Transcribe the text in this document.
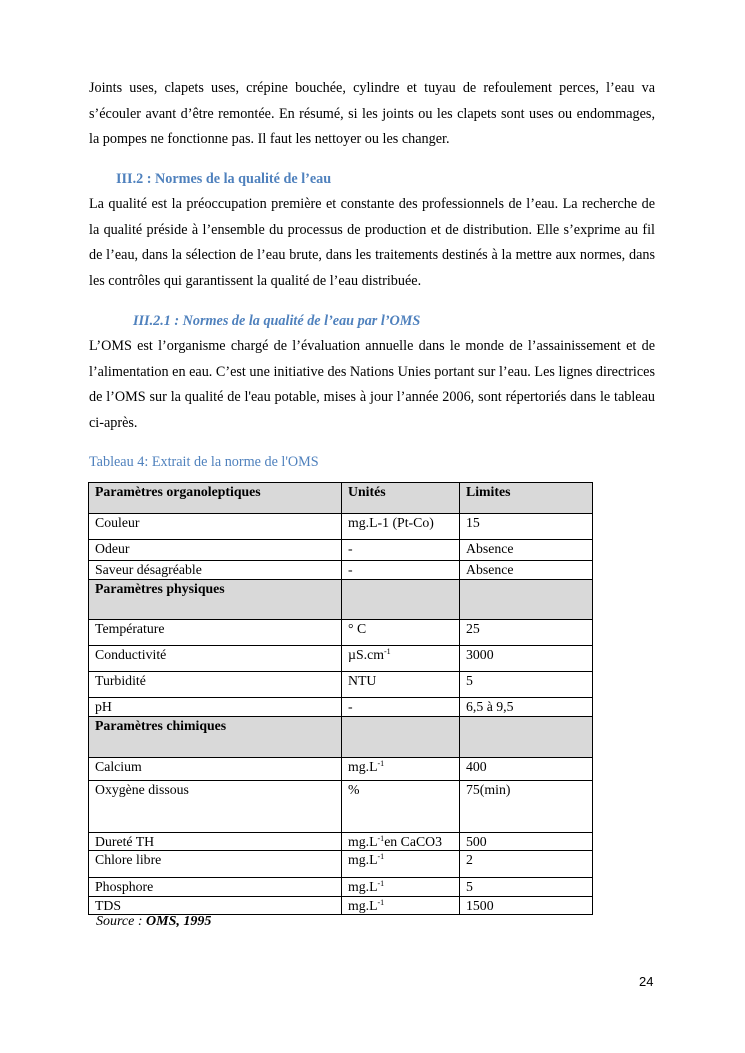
Joints uses, clapets uses, crépine bouchée, cylindre et tuyau de refoulement perces, l’eau va s’écouler avant d’être remontée. En résumé, si les joints ou les clapets sont uses ou endommages, la pompes ne fonctionne pas. Il faut les nettoyer ou les changer.

III.2 : Normes de la qualité de l’eau

La qualité est la préoccupation première et constante des professionnels de l’eau. La recherche de la qualité préside à l’ensemble du processus de production et de distribution. Elle s’exprime au fil de l’eau, dans la sélection de l’eau brute, dans les traitements destinés à la mettre aux normes, dans les contrôles qui garantissent la qualité de l’eau distribuée.

III.2.1 : Normes de la qualité de l’eau par l’OMS

L’OMS est l’organisme chargé de l’évaluation annuelle dans le monde de l’assainissement et de l’alimentation en eau. C’est une initiative des Nations Unies portant sur l’eau. Les lignes directrices de l’OMS sur la qualité de l'eau potable, mises à jour l’année 2006, sont répertoriés dans le tableau ci-après.

Tableau 4: Extrait de la norme de l'OMS

Paramètres organoleptiques	Unités	Limites
Couleur	mg.L-1 (Pt-Co)	15
Odeur	-	Absence
Saveur désagréable	-	Absence
Paramètres physiques		
Température	° C	25
Conductivité	$\mu S.cm^{-1}$	3000
Turbidité	NTU	5
pH	-	6,5 à 9,5
Paramètres chimiques		
Calcium	$mg.L^{-1}$	400
Oxygène dissous	%	75(min)
Dureté TH	$mg.L^{-1}en$ CaCO3	500
Chlore libre	$mg.L^{-1}$	2
Phosphore	$mg.L^{-1}$	5
TDS	$mg.L^{-1}$	1500

Source : OMS, 1995

24
